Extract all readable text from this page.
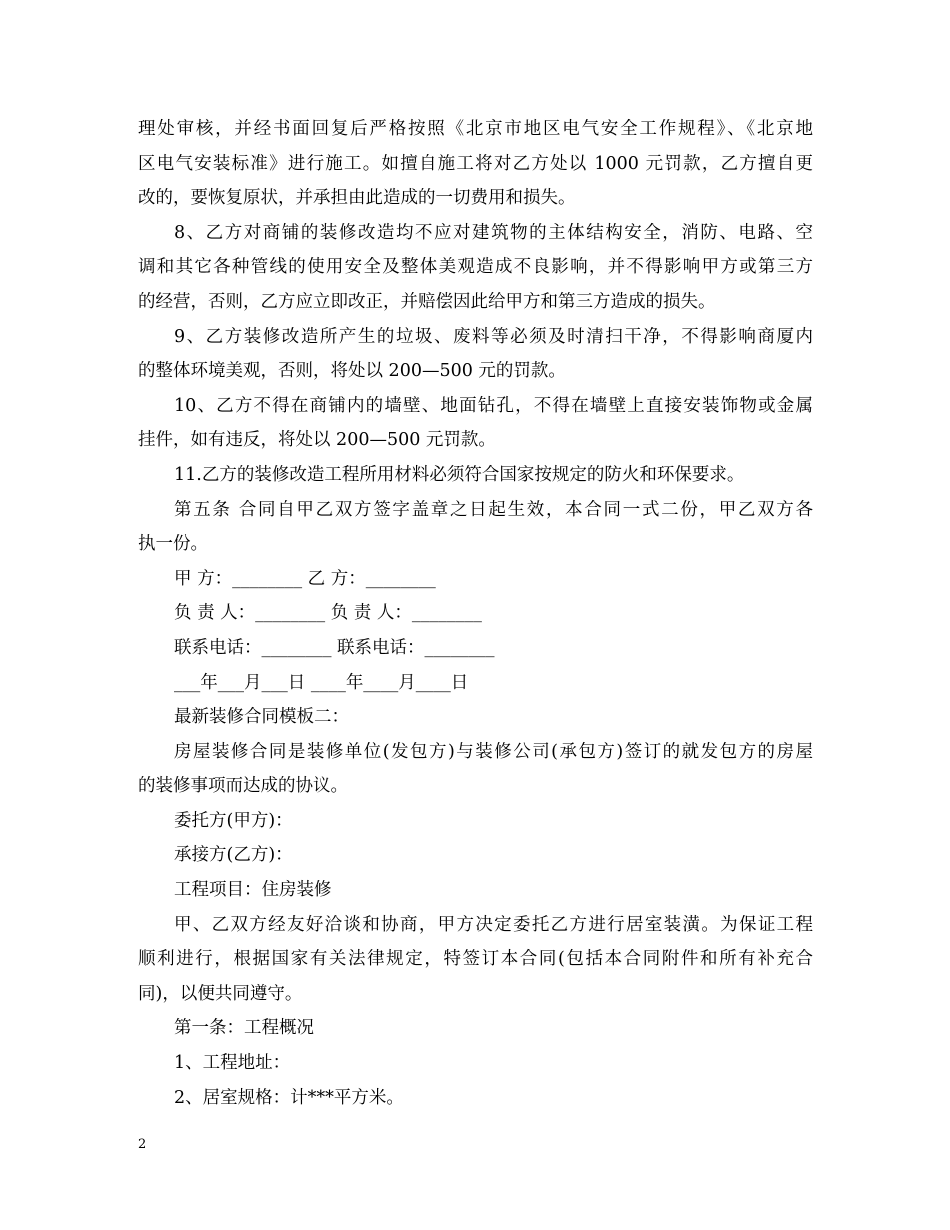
理处审核，并经书面回复后严格按照《北京市地区电气安全工作规程》、《北京地
区电气安装标准》进行施工。如擅自施工将对乙方处以 1000 元罚款，乙方擅自更
改的，要恢复原状，并承担由此造成的一切费用和损失。
8、乙方对商铺的装修改造均不应对建筑物的主体结构安全，消防、电路、空
调和其它各种管线的使用安全及整体美观造成不良影响，并不得影响甲方或第三方
的经营，否则，乙方应立即改正，并赔偿因此给甲方和第三方造成的损失。
9、乙方装修改造所产生的垃圾、废料等必须及时清扫干净，不得影响商厦内
的整体环境美观，否则，将处以 200—500 元的罚款。
10、乙方不得在商铺内的墙壁、地面钻孔，不得在墙壁上直接安装饰物或金属
挂件，如有违反，将处以 200—500 元罚款。
11.乙方的装修改造工程所用材料必须符合国家按规定的防火和环保要求。
第五条 合同自甲乙双方签字盖章之日起生效，本合同一式二份，甲乙双方各
执一份。
甲 方：________ 乙 方：________
负 责 人：________ 负 责 人：________
联系电话：________ 联系电话：________
___年___月___日 ____年____月____日
最新装修合同模板二：
房屋装修合同是装修单位(发包方)与装修公司(承包方)签订的就发包方的房屋
的装修事项而达成的协议。
委托方(甲方)：
承接方(乙方)：
工程项目：住房装修
甲、乙双方经友好洽谈和协商，甲方决定委托乙方进行居室装潢。为保证工程
顺利进行，根据国家有关法律规定，特签订本合同(包括本合同附件和所有补充合
同)，以便共同遵守。
第一条：工程概况
1、工程地址：
2、居室规格：计***平方米。
2
